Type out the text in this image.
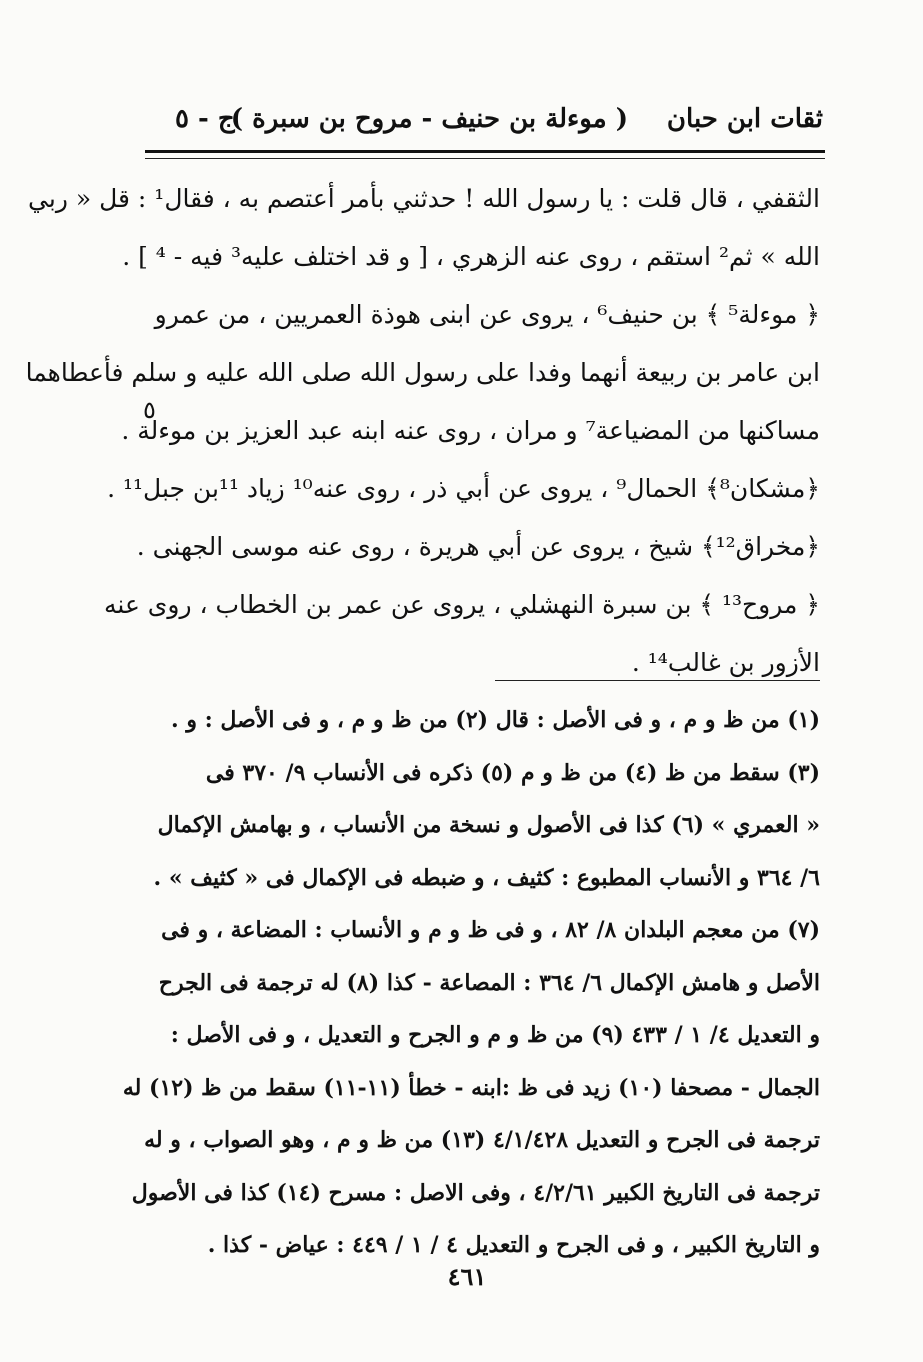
ثقات ابن حبان
( موءلة بن حنيف - مروح بن سبرة )
ج - ٥
الثقفي ، قال قلت : يا رسول الله ! حدثني بأمر أعتصم به ، فقال¹ : قل « ربي
الله » ثم² استقم ، روى عنه الزهري ، [ و قد اختلف عليه³ فيه - ⁴ ] .
﴿ موءلة⁵ ﴾ بن حنيف⁶ ، يروى عن ابنى هوذة العمريين ، من عمرو
ابن عامر بن ربيعة أنهما وفدا على رسول الله صلى الله عليه و سلم فأعطاهما
مساكنها من المضياعة⁷ و مران ، روى عنه ابنه عبد العزيز بن موءلة .
﴿مشكان⁸﴾ الحمال⁹ ، يروى عن أبي ذر ، روى عنه¹⁰ زياد ¹¹بن جبل¹¹ .
﴿مخراق¹²﴾ شيخ ، يروى عن أبي هريرة ، روى عنه موسى الجهنى .
﴿ مروح¹³ ﴾ بن سبرة النهشلي ، يروى عن عمر بن الخطاب ، روى عنه
الأزور بن غالب¹⁴ .
٥
(١) من ظ و م ، و فى الأصل : قال (٢) من ظ و م ، و فى الأصل : و .
(٣) سقط من ظ (٤) من ظ و م (٥) ذكره فى الأنساب ٩/ ٣٧٠ فى
« العمري » (٦) كذا فى الأصول و نسخة من الأنساب ، و بهامش الإكمال
٦/ ٣٦٤ و الأنساب المطبوع : كثيف ، و ضبطه فى الإكمال فى « كثيف » .
(٧) من معجم البلدان ٨/ ٨٢ ، و فى ظ و م و الأنساب : المضاعة ، و فى
الأصل و هامش الإكمال ٦/ ٣٦٤ : المصاعة - كذا (٨) له ترجمة فى الجرح
و التعديل ٤/ ١ / ٤٣٣ (٩) من ظ و م و الجرح و التعديل ، و فى الأصل :
الجمال - مصحفا (١٠) زيد فى ظ :ابنه - خطأ (١١-١١) سقط من ظ (١٢) له
ترجمة فى الجرح و التعديل ٤/١/٤٢٨ (١٣) من ظ و م ، وهو الصواب ، و له
ترجمة فى التاريخ الكبير ٤/٢/٦١ ، وفى الاصل : مسرح (١٤) كذا فى الأصول
و التاريخ الكبير ، و فى الجرح و التعديل ٤ / ١ / ٤٤٩ : عياض - كذا .
٤٦١
